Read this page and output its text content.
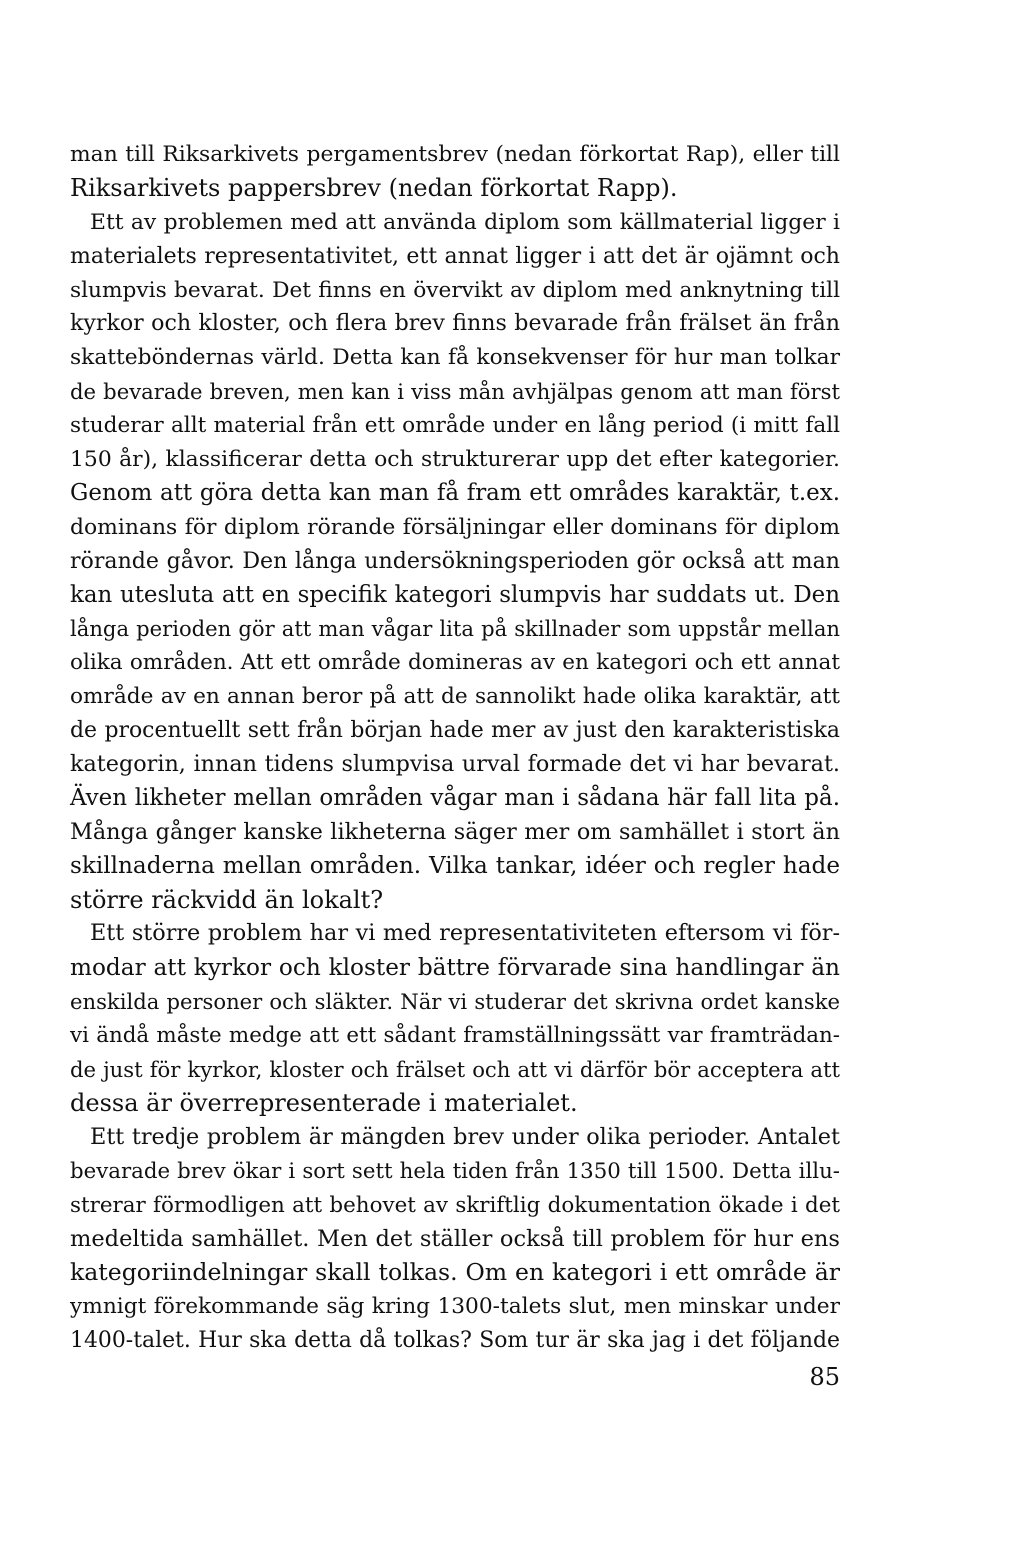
man till Riksarkivets pergamentsbrev (nedan förkortat Rap), eller till
Riksarkivets pappersbrev (nedan förkortat Rapp).
Ett av problemen med att använda diplom som källmaterial ligger i
materialets representativitet, ett annat ligger i att det är ojämnt och
slumpvis bevarat. Det finns en övervikt av diplom med anknytning till
kyrkor och kloster, och flera brev finns bevarade från frälset än från
skatteböndernas värld. Detta kan få konsekvenser för hur man tolkar
de bevarade breven, men kan i viss mån avhjälpas genom att man först
studerar allt material från ett område under en lång period (i mitt fall
150 år), klassificerar detta och strukturerar upp det efter kategorier.
Genom att göra detta kan man få fram ett områdes karaktär, t.ex.
dominans för diplom rörande försäljningar eller dominans för diplom
rörande gåvor. Den långa undersökningsperioden gör också att man
kan utesluta att en specifik kategori slumpvis har suddats ut. Den
långa perioden gör att man vågar lita på skillnader som uppstår mellan
olika områden. Att ett område domineras av en kategori och ett annat
område av en annan beror på att de sannolikt hade olika karaktär, att
de procentuellt sett från början hade mer av just den karakteristiska
kategorin, innan tidens slumpvisa urval formade det vi har bevarat.
Även likheter mellan områden vågar man i sådana här fall lita på.
Många gånger kanske likheterna säger mer om samhället i stort än
skillnaderna mellan områden. Vilka tankar, idéer och regler hade
större räckvidd än lokalt?
Ett större problem har vi med representativiteten eftersom vi för-
modar att kyrkor och kloster bättre förvarade sina handlingar än
enskilda personer och släkter. När vi studerar det skrivna ordet kanske
vi ändå måste medge att ett sådant framställningssätt var framträdan-
de just för kyrkor, kloster och frälset och att vi därför bör acceptera att
dessa är överrepresenterade i materialet.
Ett tredje problem är mängden brev under olika perioder. Antalet
bevarade brev ökar i sort sett hela tiden från 1350 till 1500. Detta illu-
strerar förmodligen att behovet av skriftlig dokumentation ökade i det
medeltida samhället. Men det ställer också till problem för hur ens
kategoriindelningar skall tolkas. Om en kategori i ett område är
ymnigt förekommande säg kring 1300-talets slut, men minskar under
1400-talet. Hur ska detta då tolkas? Som tur är ska jag i det följande
85
